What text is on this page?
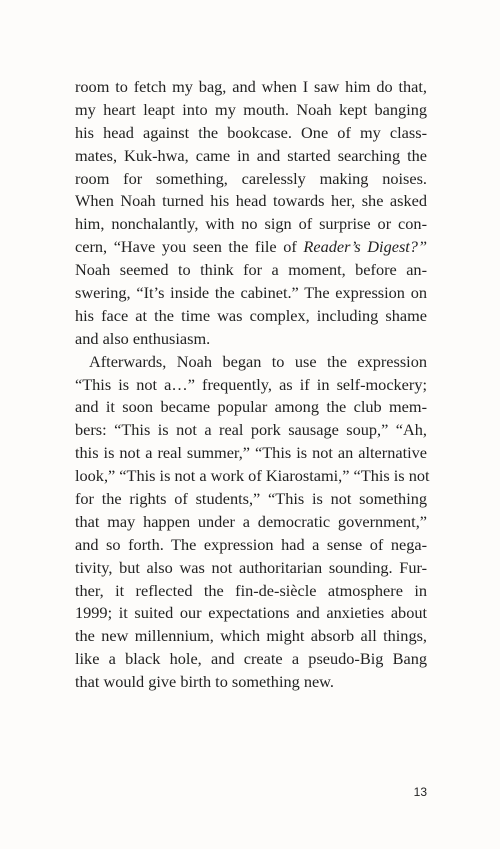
room to fetch my bag, and when I saw him do that,
my heart leapt into my mouth. Noah kept banging
his head against the bookcase. One of my class-
mates, Kuk-hwa, came in and started searching the
room for something, carelessly making noises.
When Noah turned his head towards her, she asked
him, nonchalantly, with no sign of surprise or con-
cern, “Have you seen the file of Reader’s Digest?”
Noah seemed to think for a moment, before an-
swering, “It’s inside the cabinet.” The expression on
his face at the time was complex, including shame
and also enthusiasm.
Afterwards, Noah began to use the expression
“This is not a…” frequently, as if in self-mockery;
and it soon became popular among the club mem-
bers: “This is not a real pork sausage soup,” “Ah,
this is not a real summer,” “This is not an alternative
look,” “This is not a work of Kiarostami,” “This is not
for the rights of students,” “This is not something
that may happen under a democratic government,”
and so forth. The expression had a sense of nega-
tivity, but also was not authoritarian sounding. Fur-
ther, it reflected the fin-de-siècle atmosphere in
1999; it suited our expectations and anxieties about
the new millennium, which might absorb all things,
like a black hole, and create a pseudo-Big Bang
that would give birth to something new.
13
